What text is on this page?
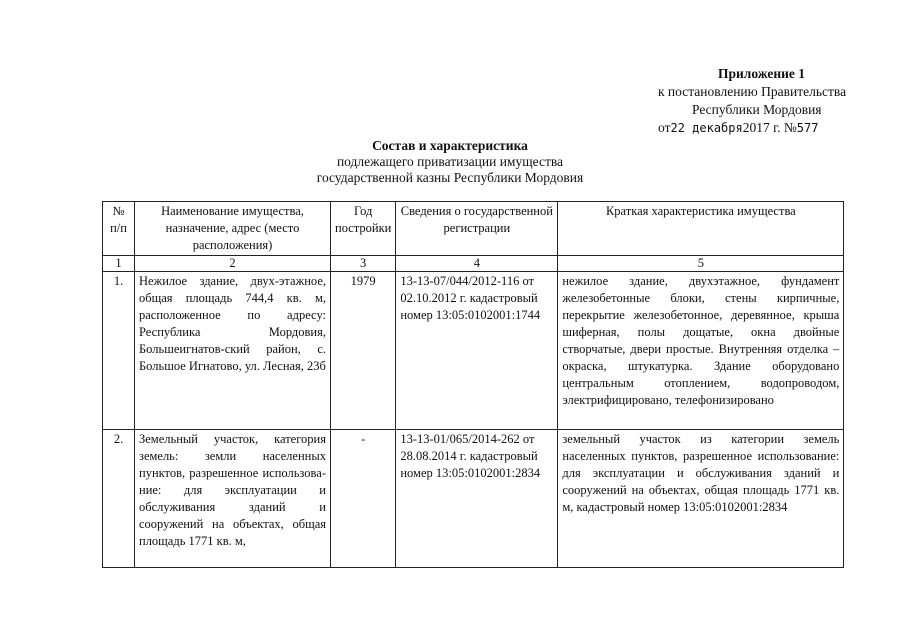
Приложение 1
к постановлению Правительства
Республики Мордовия
от22 декабря2017 г. №577
Состав и характеристика
подлежащего приватизации имущества
государственной казны Республики Мордовия
№ п/п	Наименование имущества, назначение, адрес (место расположения)	Год постройки	Сведения о государственной регистрации	Краткая характеристика имущества
1	2	3	4	5
1.	Нежилое здание, двух-этажное, общая площадь 744,4 кв. м, расположенное по адресу: Республика Мордовия, Большеигнатов-ский район, с. Большое Игнатово, ул. Лесная, 23б	1979	13-13-07/044/2012-116 от 02.10.2012 г. кадастровый номер 13:05:0102001:1744	нежилое здание, двухэтажное, фундамент железобетонные блоки, стены кирпичные, перекрытие железобетонное, деревянное, крыша шиферная, полы дощатые, окна двойные створчатые, двери простые. Внутренняя отделка – окраска, штукатурка. Здание оборудовано центральным отоплением, водопроводом, электрифицировано, телефонизировано
2.	Земельный участок, категория земель: земли населенных пунктов, разрешенное использова-ние: для эксплуатации и обслуживания зданий и сооружений на объектах, общая площадь 1771 кв. м,	-	13-13-01/065/2014-262 от 28.08.2014 г. кадастровый номер 13:05:0102001:2834	земельный участок из категории земель населенных пунктов, разрешенное использование: для эксплуатации и обслуживания зданий и сооружений на объектах, общая площадь 1771 кв. м, кадастровый номер 13:05:0102001:2834
